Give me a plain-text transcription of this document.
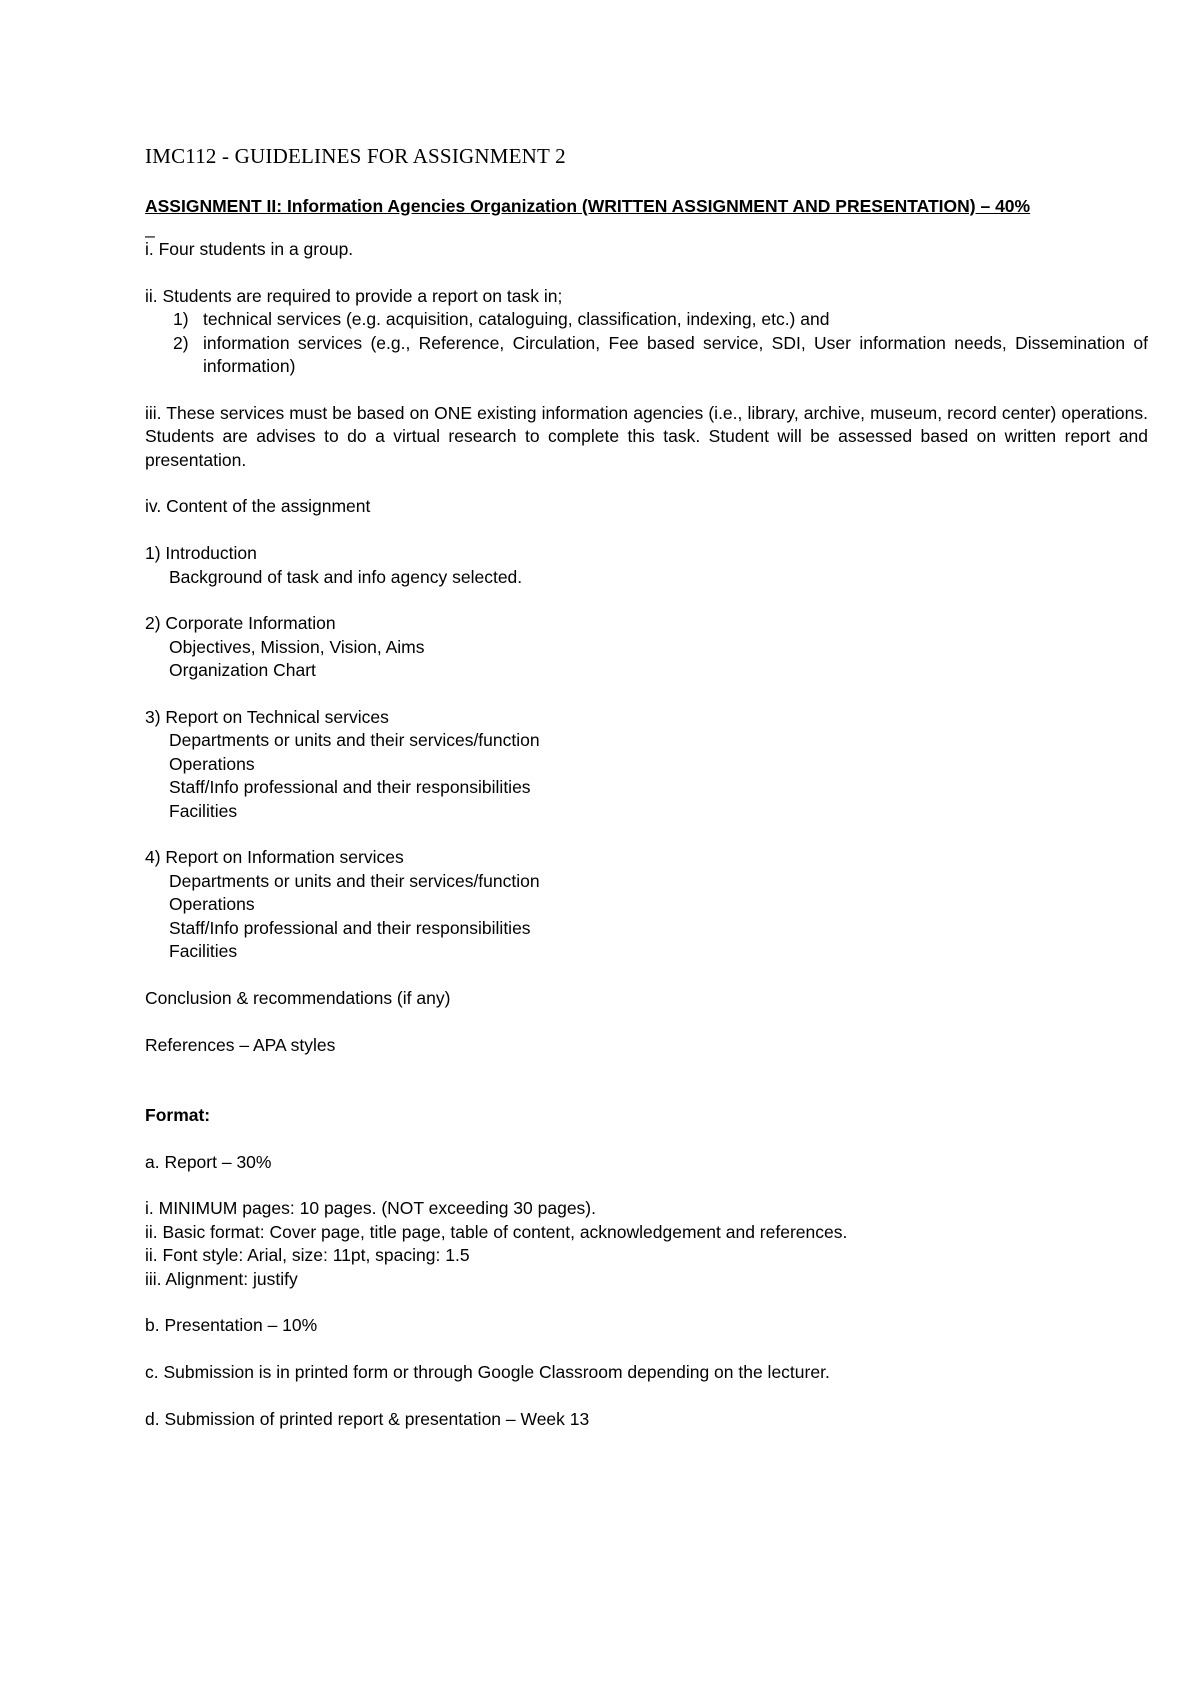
IMC112 - GUIDELINES FOR ASSIGNMENT 2

ASSIGNMENT II: Information Agencies Organization (WRITTEN ASSIGNMENT AND PRESENTATION) – 40%

_

i. Four students in a group.

ii. Students are required to provide a report on task in;

1) technical services (e.g. acquisition, cataloguing, classification, indexing, etc.) and
2) information services (e.g., Reference, Circulation, Fee based service, SDI, User information needs, Dissemination of information)

iii. These services must be based on ONE existing information agencies (i.e., library, archive, museum, record center) operations. Students are advises to do a virtual research to complete this task. Student will be assessed based on written report and presentation.

iv. Content of the assignment

1) Introduction

Background of task and info agency selected.

2) Corporate Information

Objectives, Mission, Vision, Aims

Organization Chart

3) Report on Technical services

Departments or units and their services/function

Operations

Staff/Info professional and their responsibilities

Facilities

4) Report on Information services

Departments or units and their services/function

Operations

Staff/Info professional and their responsibilities

Facilities

Conclusion & recommendations (if any)

References – APA styles

Format:

a. Report – 30%

i. MINIMUM pages: 10 pages. (NOT exceeding 30 pages).

ii. Basic format: Cover page, title page, table of content, acknowledgement and references.

ii. Font style: Arial, size: 11pt, spacing: 1.5

iii. Alignment: justify

b. Presentation – 10%

c. Submission is in printed form or through Google Classroom depending on the lecturer.

d. Submission of printed report & presentation – Week 13
